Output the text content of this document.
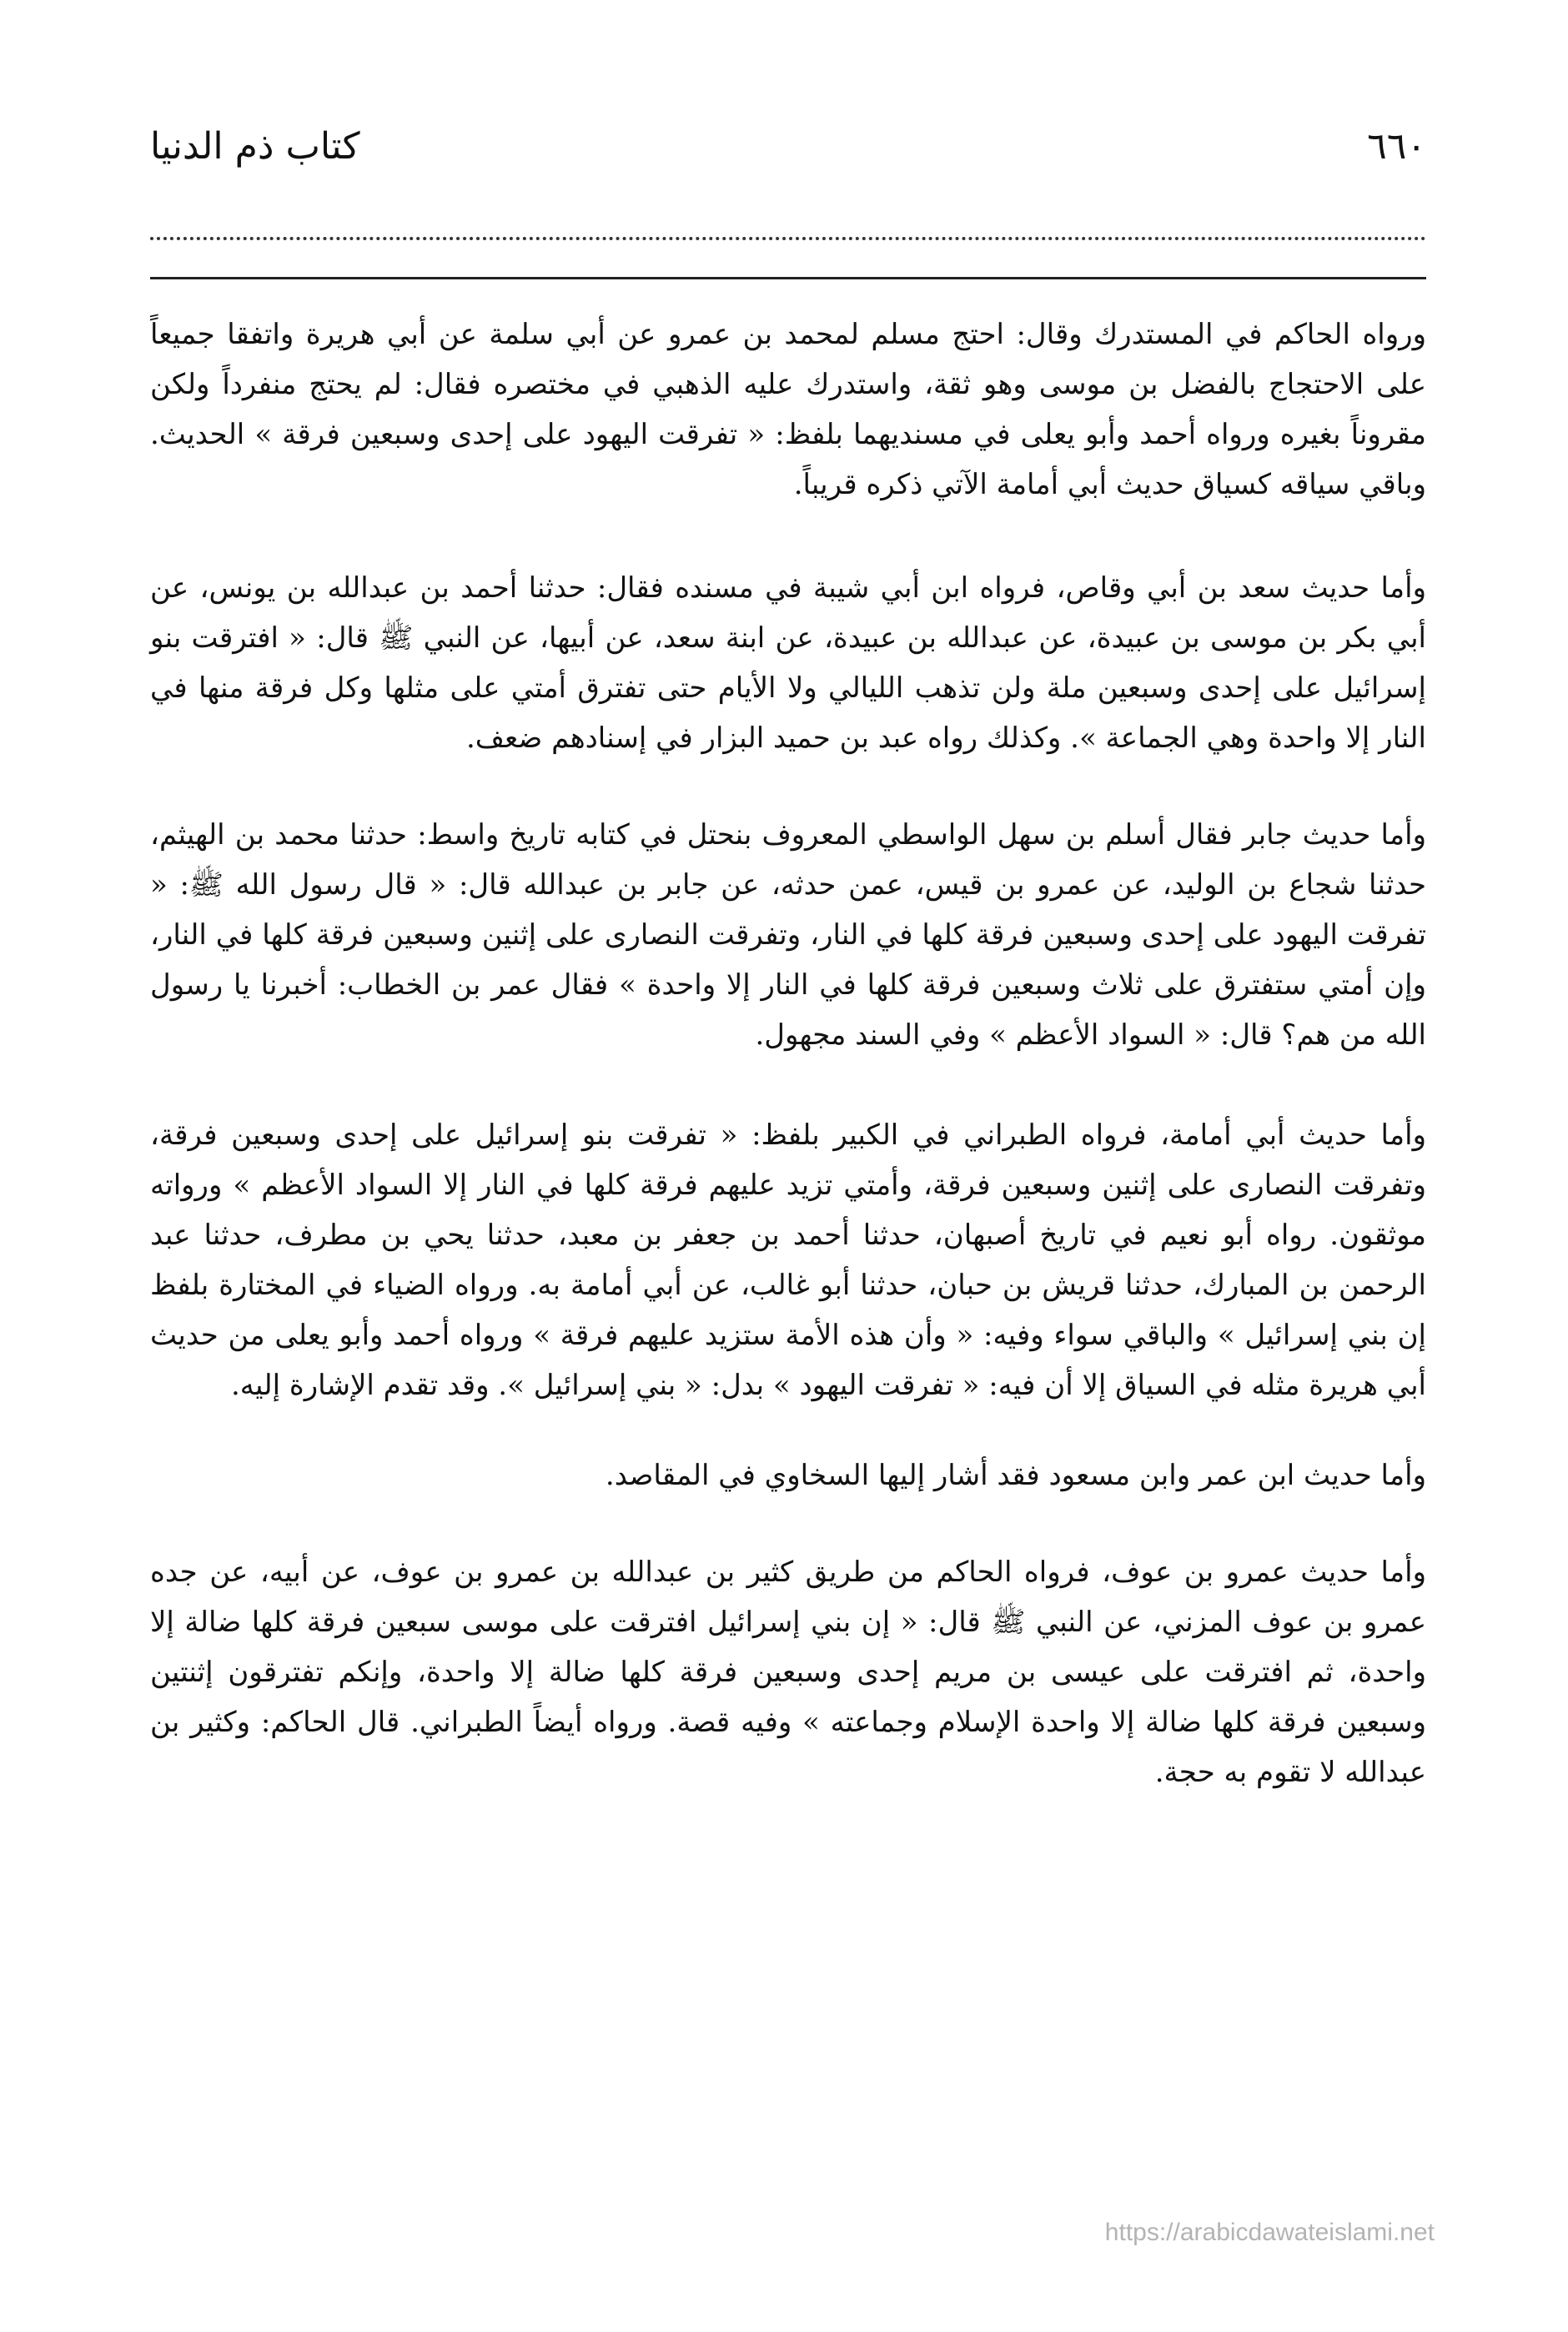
٦٦٠
كتاب ذم الدنيا

ورواه الحاكم في المستدرك وقال: احتج مسلم لمحمد بن عمرو عن أبي سلمة عن أبي هريرة واتفقا جميعاً على الاحتجاج بالفضل بن موسى وهو ثقة، واستدرك عليه الذهبي في مختصره فقال: لم يحتج منفرداً ولكن مقروناً بغيره ورواه أحمد وأبو يعلى في مسنديهما بلفظ: « تفرقت اليهود على إحدى وسبعين فرقة » الحديث. وباقي سياقه كسياق حديث أبي أمامة الآتي ذكره قريباً.

وأما حديث سعد بن أبي وقاص، فرواه ابن أبي شيبة في مسنده فقال: حدثنا أحمد بن عبدالله بن يونس، عن أبي بكر بن موسى بن عبيدة، عن عبدالله بن عبيدة، عن ابنة سعد، عن أبيها، عن النبي ﷺ قال: « افترقت بنو إسرائيل على إحدى وسبعين ملة ولن تذهب الليالي ولا الأيام حتى تفترق أمتي على مثلها وكل فرقة منها في النار إلا واحدة وهي الجماعة ». وكذلك رواه عبد بن حميد البزار في إسنادهم ضعف.

وأما حديث جابر فقال أسلم بن سهل الواسطي المعروف بنحتل في كتابه تاريخ واسط: حدثنا محمد بن الهيثم، حدثنا شجاع بن الوليد، عن عمرو بن قيس، عمن حدثه، عن جابر بن عبدالله قال: « قال رسول الله ﷺ: « تفرقت اليهود على إحدى وسبعين فرقة كلها في النار، وتفرقت النصارى على إثنين وسبعين فرقة كلها في النار، وإن أمتي ستفترق على ثلاث وسبعين فرقة كلها في النار إلا واحدة » فقال عمر بن الخطاب: أخبرنا يا رسول الله من هم؟ قال: « السواد الأعظم » وفي السند مجهول.

وأما حديث أبي أمامة، فرواه الطبراني في الكبير بلفظ: « تفرقت بنو إسرائيل على إحدى وسبعين فرقة، وتفرقت النصارى على إثنين وسبعين فرقة، وأمتي تزيد عليهم فرقة كلها في النار إلا السواد الأعظم » ورواته موثقون. رواه أبو نعيم في تاريخ أصبهان، حدثنا أحمد بن جعفر بن معبد، حدثنا يحي بن مطرف، حدثنا عبد الرحمن بن المبارك، حدثنا قريش بن حبان، حدثنا أبو غالب، عن أبي أمامة به. ورواه الضياء في المختارة بلفظ إن بني إسرائيل » والباقي سواء وفيه: « وأن هذه الأمة ستزيد عليهم فرقة » ورواه أحمد وأبو يعلى من حديث أبي هريرة مثله في السياق إلا أن فيه: « تفرقت اليهود » بدل: « بني إسرائيل ». وقد تقدم الإشارة إليه.

وأما حديث ابن عمر وابن مسعود فقد أشار إليها السخاوي في المقاصد.

وأما حديث عمرو بن عوف، فرواه الحاكم من طريق كثير بن عبدالله بن عمرو بن عوف، عن أبيه، عن جده عمرو بن عوف المزني، عن النبي ﷺ قال: « إن بني إسرائيل افترقت على موسى سبعين فرقة كلها ضالة إلا واحدة، ثم افترقت على عيسى بن مريم إحدى وسبعين فرقة كلها ضالة إلا واحدة، وإنكم تفترقون إثنتين وسبعين فرقة كلها ضالة إلا واحدة الإسلام وجماعته » وفيه قصة. ورواه أيضاً الطبراني. قال الحاكم: وكثير بن عبدالله لا تقوم به حجة.

https://arabicdawateislami.net
